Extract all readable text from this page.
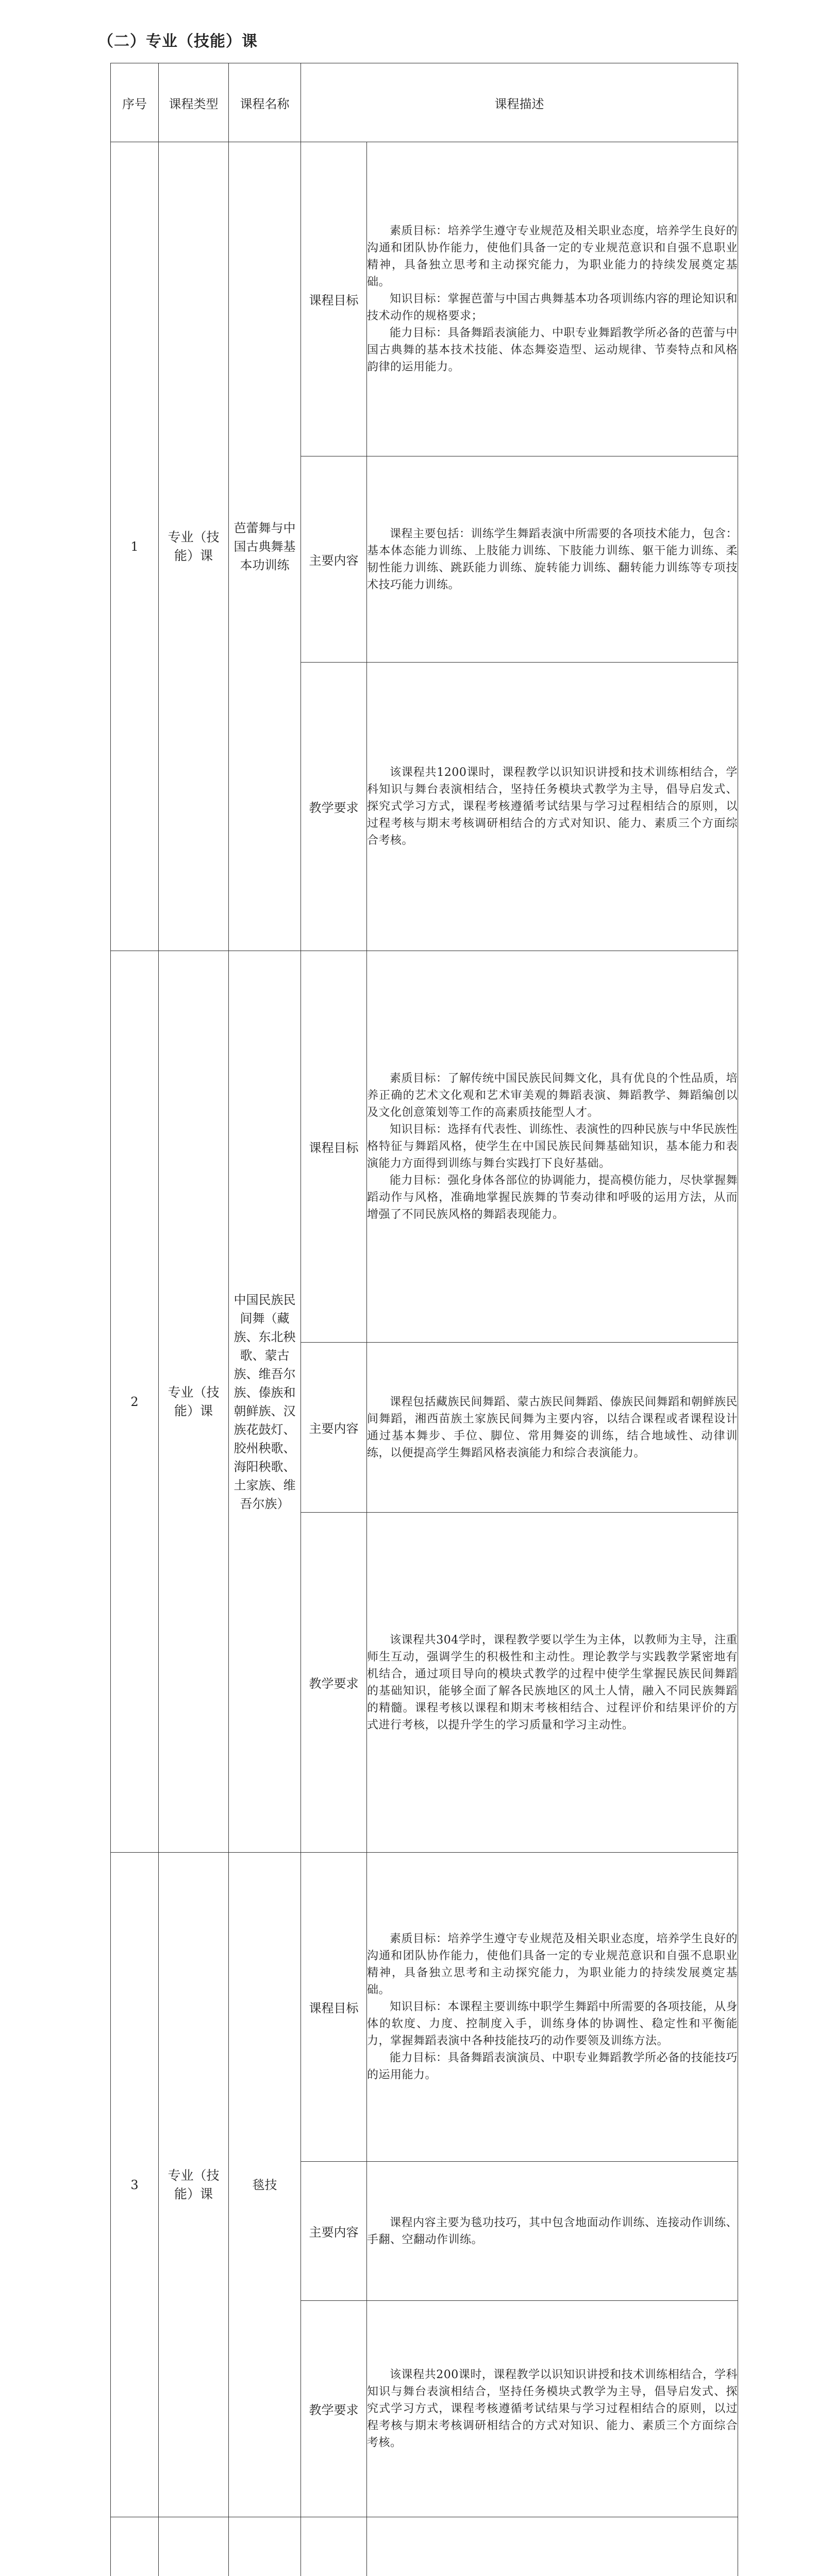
（二）专业（技能）课
序号	课程类型	课程名称	课程描述	
1	专业（技能）课	芭蕾舞与中国古典舞基本功训练	课程目标	素质目标：培养学生遵守专业规范及相关职业态度，培养学生良好的沟通和团队协作能力，使他们具备一定的专业规范意识和自强不息职业精神，具备独立思考和主动探究能力，为职业能力的持续发展奠定基础。

知识目标：掌握芭蕾与中国古典舞基本功各项训练内容的理论知识和技术动作的规格要求；

能力目标：具备舞蹈表演能力、中职专业舞蹈教学所必备的芭蕾与中国古典舞的基本技术技能、体态舞姿造型、运动规律、节奏特点和风格韵律的运用能力。

			主要内容	课程主要包括：训练学生舞蹈表演中所需要的各项技术能力，包含：基本体态能力训练、上肢能力训练、下肢能力训练、躯干能力训练、柔韧性能力训练、跳跃能力训练、旋转能力训练、翻转能力训练等专项技术技巧能力训练。

			教学要求	该课程共1200课时，课程教学以识知识讲授和技术训练相结合，学科知识与舞台表演相结合，坚持任务模块式教学为主导，倡导启发式、探究式学习方式，课程考核遵循考试结果与学习过程相结合的原则，以过程考核与期末考核调研相结合的方式对知识、能力、素质三个方面综合考核。

2	专业（技能）课	中国民族民间舞（藏族、东北秧歌、蒙古族、维吾尔族、傣族和朝鲜族、汉族花鼓灯、胶州秧歌、海阳秧歌、土家族、维吾尔族）	课程目标	素质目标：了解传统中国民族民间舞文化，具有优良的个性品质，培养正确的艺术文化观和艺术审美观的舞蹈表演、舞蹈教学、舞蹈编创以及文化创意策划等工作的高素质技能型人才。

知识目标：选择有代表性、训练性、表演性的四种民族与中华民族性格特征与舞蹈风格，使学生在中国民族民间舞基础知识，基本能力和表演能力方面得到训练与舞台实践打下良好基础。

能力目标：强化身体各部位的协调能力，提高模仿能力，尽快掌握舞蹈动作与风格，准确地掌握民族舞的节奏动律和呼吸的运用方法，从而增强了不同民族风格的舞蹈表现能力。

			主要内容	课程包括藏族民间舞蹈、蒙古族民间舞蹈、傣族民间舞蹈和朝鲜族民间舞蹈，湘西苗族土家族民间舞为主要内容，以结合课程或者课程设计通过基本舞步、手位、脚位、常用舞姿的训练，结合地域性、动律训练，以便提高学生舞蹈风格表演能力和综合表演能力。

			教学要求	该课程共304学时，课程教学要以学生为主体，以教师为主导，注重师生互动，强调学生的积极性和主动性。理论教学与实践教学紧密地有机结合，通过项目导向的模块式教学的过程中使学生掌握民族民间舞蹈的基础知识，能够全面了解各民族地区的风土人情，融入不同民族舞蹈的精髓。课程考核以课程和期末考核相结合、过程评价和结果评价的方式进行考核，以提升学生的学习质量和学习主动性。

3	专业（技能）课	毯技	课程目标	素质目标：培养学生遵守专业规范及相关职业态度，培养学生良好的沟通和团队协作能力，使他们具备一定的专业规范意识和自强不息职业精神，具备独立思考和主动探究能力，为职业能力的持续发展奠定基础。

知识目标：本课程主要训练中职学生舞蹈中所需要的各项技能，从身体的软度、力度、控制度入手，训练身体的协调性、稳定性和平衡能力，掌握舞蹈表演中各种技能技巧的动作要领及训练方法。

能力目标：具备舞蹈表演演员、中职专业舞蹈教学所必备的技能技巧的运用能力。

			主要内容	课程内容主要为毯功技巧，其中包含地面动作训练、连接动作训练、手翻、空翻动作训练。

			教学要求	该课程共200课时，课程教学以识知识讲授和技术训练相结合，学科知识与舞台表演相结合，坚持任务模块式教学为主导，倡导启发式、探究式学习方式，课程考核遵循考试结果与学习过程相结合的原则，以过程考核与期末考核调研相结合的方式对知识、能力、素质三个方面综合考核。
